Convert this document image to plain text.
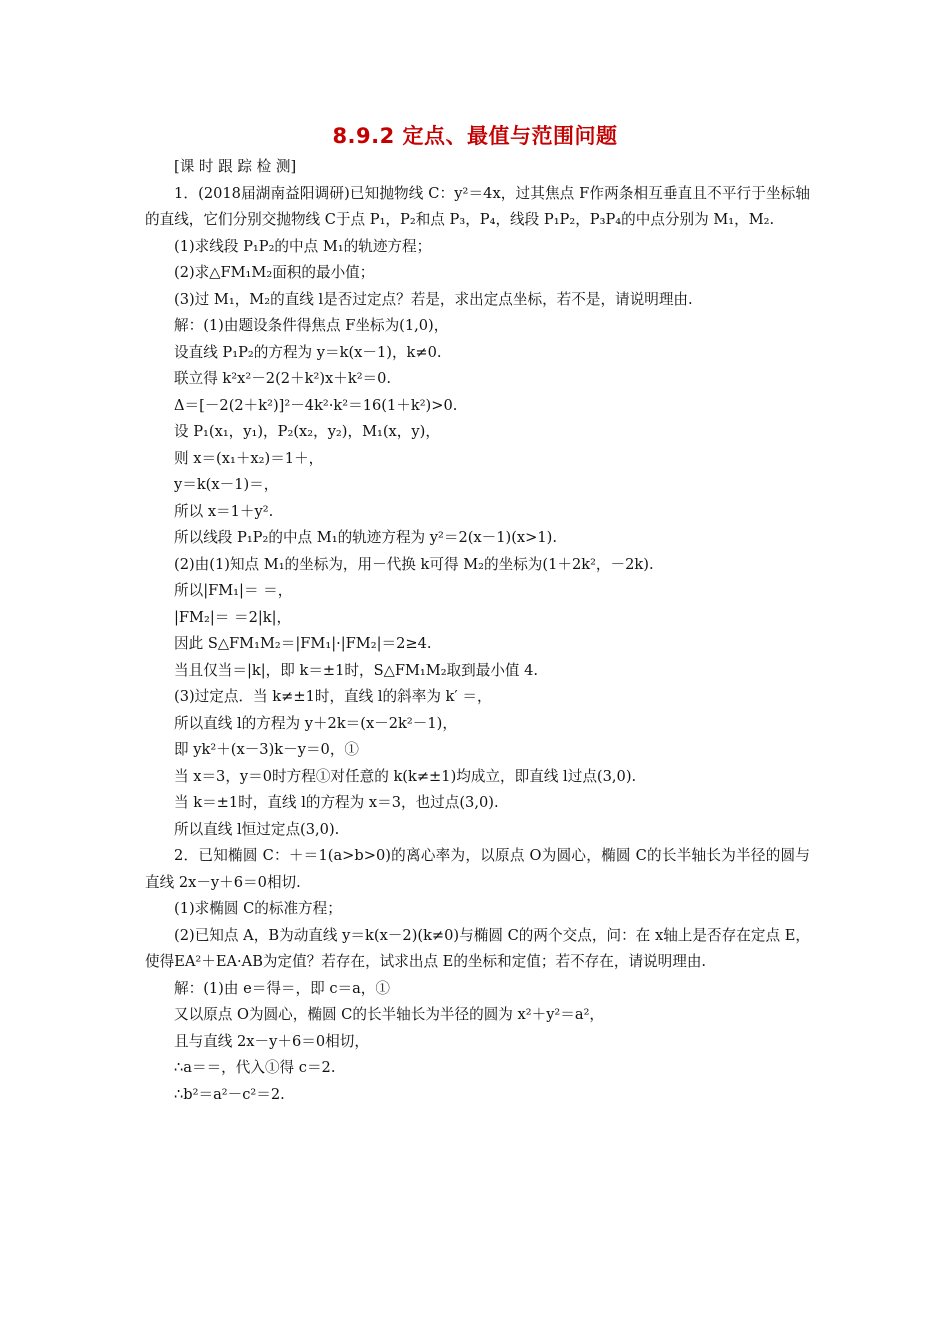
8.9.2 定点、最值与范围问题

[课 时 跟 踪 检 测]

1．(2018届湖南益阳调研)已知抛物线 C：y²＝4x，过其焦点 F作两条相互垂直且不平行于坐标轴的直线，它们分别交抛物线 C于点 P₁，P₂和点 P₃，P₄，线段 P₁P₂，P₃P₄的中点分别为 M₁，M₂.

(1)求线段 P₁P₂的中点 M₁的轨迹方程；

(2)求△FM₁M₂面积的最小值；

(3)过 M₁，M₂的直线 l是否过定点？若是，求出定点坐标，若不是，请说明理由.

解：(1)由题设条件得焦点 F坐标为(1,0)，

设直线 P₁P₂的方程为 y＝k(x－1)，k≠0.

联立得 k²x²－2(2＋k²)x＋k²＝0.

Δ＝[－2(2＋k²)]²－4k²·k²＝16(1＋k²)>0.

设 P₁(x₁，y₁)，P₂(x₂，y₂)，M₁(x，y)，

则 x＝(x₁＋x₂)＝1＋，

y＝k(x－1)＝，

所以 x＝1＋y².

所以线段 P₁P₂的中点 M₁的轨迹方程为 y²＝2(x－1)(x>1).

(2)由(1)知点 M₁的坐标为，用－代换 k可得 M₂的坐标为(1＋2k²，－2k).

所以|FM₁|＝ ＝，

|FM₂|＝ ＝2|k|，

因此 S△FM₁M₂＝|FM₁|·|FM₂|＝2≥4.

当且仅当＝|k|，即 k＝±1时，S△FM₁M₂取到最小值 4.

(3)过定点．当 k≠±1时，直线 l的斜率为 k′ ＝，

所以直线 l的方程为 y＋2k＝(x－2k²－1)，

即 yk²＋(x－3)k－y＝0，①

当 x＝3，y＝0时方程①对任意的 k(k≠±1)均成立，即直线 l过点(3,0).

当 k＝±1时，直线 l的方程为 x＝3，也过点(3,0).

所以直线 l恒过定点(3,0).

2．已知椭圆 C：＋＝1(a>b>0)的离心率为，以原点 O为圆心，椭圆 C的长半轴长为半径的圆与直线 2x－y＋6＝0相切.

(1)求椭圆 C的标准方程；

(2)已知点 A，B为动直线 y＝k(x－2)(k≠0)与椭圆 C的两个交点，问：在 x轴上是否存在定点 E，使得EA²＋EA·AB为定值？若存在，试求出点 E的坐标和定值；若不存在，请说明理由.

解：(1)由 e＝得＝，即 c＝a，①

又以原点 O为圆心，椭圆 C的长半轴长为半径的圆为 x²＋y²＝a²，

且与直线 2x－y＋6＝0相切，

∴a＝＝，代入①得 c＝2.

∴b²＝a²－c²＝2.
